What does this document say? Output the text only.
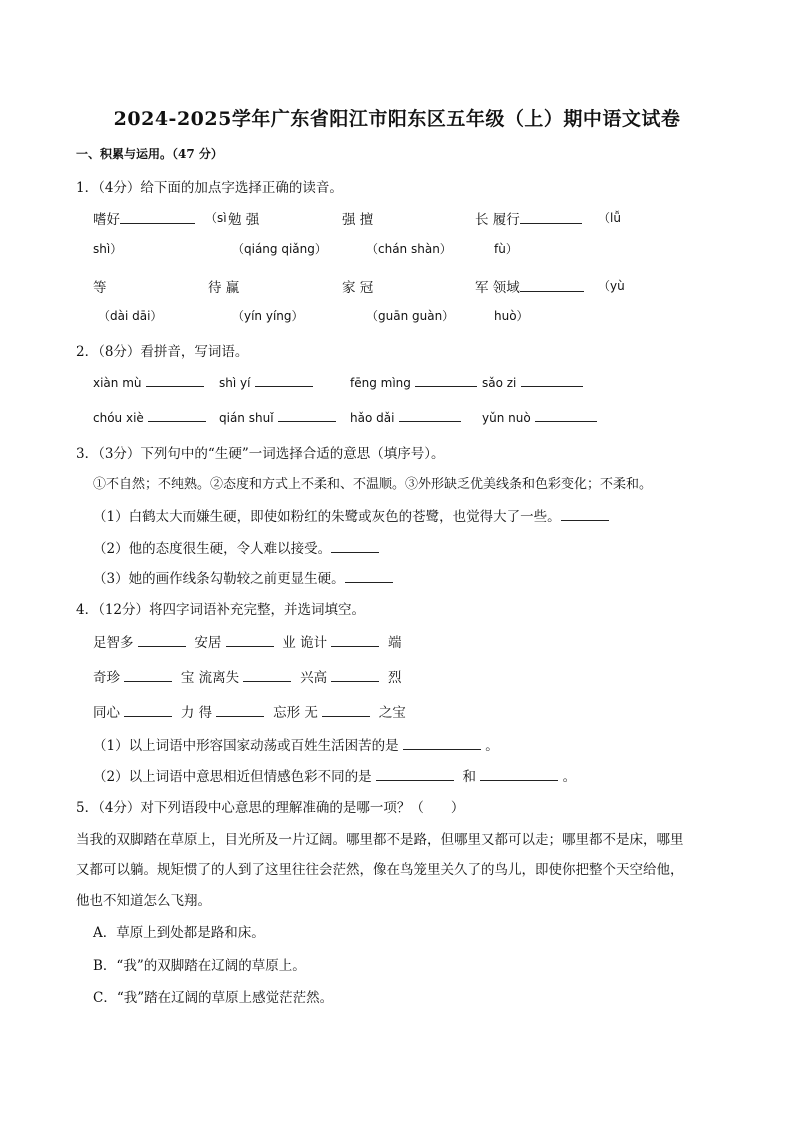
2024-2025学年广东省阳江市阳东区五年级（上）期中语文试卷
一、积累与运用。（47 分）
1．（4分）给下面的加点字选择正确的读音。
嗜好	（sì 勉 强	强 擅	长 履行	（lǚ
shì）	（qiáng qiǎng）	（chán shàn）	fù）
等	待 赢	家 冠	军 领域	（yù
（dài dāi）	（yín yíng）	（guān guàn）	huò）
2．（8分）看拼音，写词语。
xiàn mù	shì yí	fēng mìng	sǎo zi
chóu xiè	qián shuǐ	hǎo dǎi	yǔn nuò
3．（3分）下列句中的“生硬”一词选择合适的意思（填序号）。
①不自然；不纯熟。②态度和方式上不柔和、不温顺。③外形缺乏优美线条和色彩变化；不柔和。
（1）白鹤太大而嫌生硬，即使如粉红的朱鹭或灰色的苍鹭，也觉得大了一些。
（2）他的态度很生硬，令人难以接受。
（3）她的画作线条勾勒较之前更显生硬。
4．（12分）将四字词语补充完整，并选词填空。
足智多	安居	业 诡计	端
奇珍	宝 流离失	兴高	烈
同心	力 得	忘形 无	之宝
（1）以上词语中形容国家动荡或百姓生活困苦的是	。
（2）以上词语中意思相近但情感色彩不同的是	和	。
5．（4分）对下列语段中心意思的理解准确的是哪一项？（　　）
当我的双脚踏在草原上，目光所及一片辽阔。哪里都不是路，但哪里又都可以走；哪里都不是床，哪里
又都可以躺。规矩惯了的人到了这里往往会茫然，像在鸟笼里关久了的鸟儿，即使你把整个天空给他，
他也不知道怎么飞翔。
A．草原上到处都是路和床。
B．“我”的双脚踏在辽阔的草原上。
C．“我”踏在辽阔的草原上感觉茫茫然。
